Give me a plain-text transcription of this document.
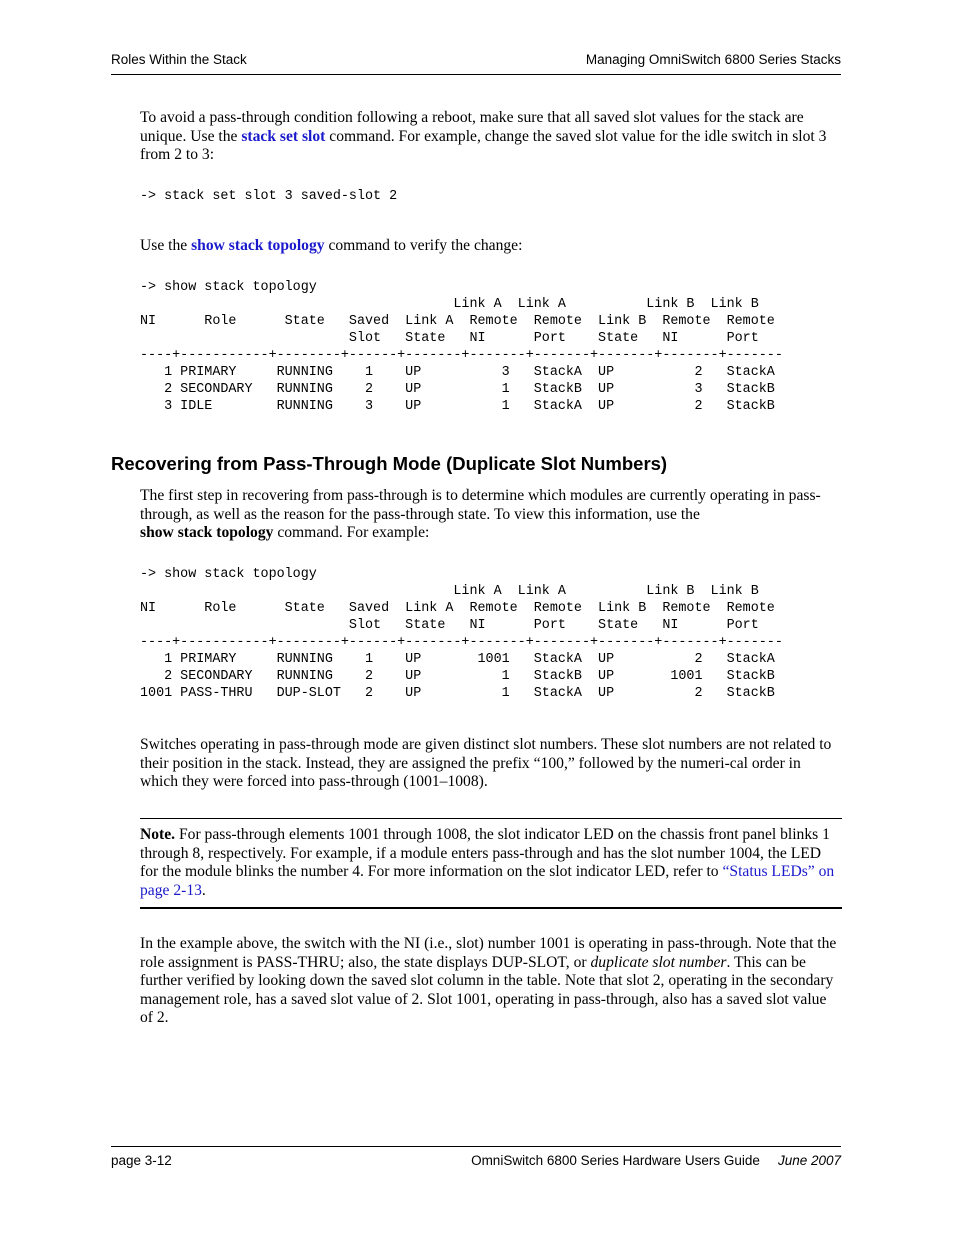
Roles Within the Stack	Managing OmniSwitch 6800 Series Stacks
To avoid a pass-through condition following a reboot, make sure that all saved slot values for the stack are unique. Use the stack set slot command. For example, change the saved slot value for the idle switch in slot 3 from 2 to 3:
-> stack set slot 3 saved-slot 2
Use the show stack topology command to verify the change:
-> show stack topology
Link A  Link A          Link B  Link B
NI      Role      State   Saved  Link A  Remote  Remote  Link B  Remote  Remote
Slot   State   NI      Port    State   NI      Port
----+-----------+--------+------+-------+-------+-------+-------+-------+-------
1 PRIMARY     RUNNING    1    UP          3   StackA  UP          2   StackA
2 SECONDARY   RUNNING    2    UP          1   StackB  UP          3   StackB
3 IDLE        RUNNING    3    UP          1   StackA  UP          2   StackB
Recovering from Pass-Through Mode (Duplicate Slot Numbers)
The first step in recovering from pass-through is to determine which modules are currently operating in pass-through, as well as the reason for the pass-through state. To view this information, use the
show stack topology command. For example:
-> show stack topology
Link A  Link A          Link B  Link B
NI      Role      State   Saved  Link A  Remote  Remote  Link B  Remote  Remote
Slot   State   NI      Port    State   NI      Port
----+-----------+--------+------+-------+-------+-------+-------+-------+-------
1 PRIMARY     RUNNING    1    UP       1001   StackA  UP          2   StackA
2 SECONDARY   RUNNING    2    UP          1   StackB  UP       1001   StackB
1001 PASS-THRU   DUP-SLOT   2    UP          1   StackA  UP          2   StackB
Switches operating in pass-through mode are given distinct slot numbers. These slot numbers are not related to their position in the stack. Instead, they are assigned the prefix “100,” followed by the numeri-cal order in which they were forced into pass-through (1001–1008).
Note. For pass-through elements 1001 through 1008, the slot indicator LED on the chassis front panel blinks 1 through 8, respectively. For example, if a module enters pass-through and has the slot number 1004, the LED for the module blinks the number 4. For more information on the slot indicator LED, refer to “Status LEDs” on page 2-13.
In the example above, the switch with the NI (i.e., slot) number 1001 is operating in pass-through. Note that the role assignment is PASS-THRU; also, the state displays DUP-SLOT, or duplicate slot number. This can be further verified by looking down the saved slot column in the table. Note that slot 2, operating in the secondary management role, has a saved slot value of 2. Slot 1001, operating in pass-through, also has a saved slot value of 2.
page 3-12	OmniSwitch 6800 Series Hardware Users Guide June 2007
